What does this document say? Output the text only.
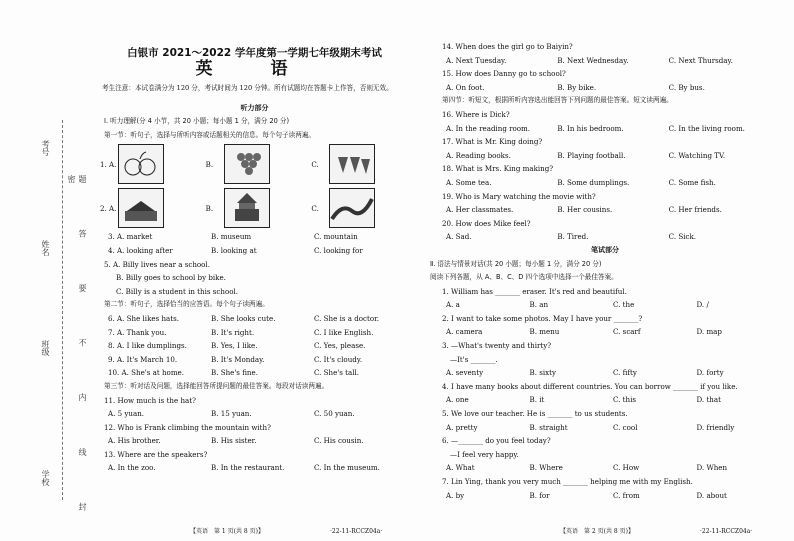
考号
姓名
班级
学校	题 答 要 不 内 线 封 密
白银市 2021～2022 学年度第一学期七年级期末考试
英 语
考生注意：本试卷满分为 120 分，考试时间为 120 分钟。所有试题均在答题卡上作答，否则无效。
听力部分
Ⅰ. 听力理解(分 4 小节，共 20 小题；每小题 1 分，满分 20 分)
第一节：听句子，选择与所听内容或话题相关的信息。每个句子读两遍。
1. A.	B.	C.
2. A.	B.	C.
3. A. market	B. museum	C. mountain
4. A. looking after	B. looking at	C. looking for
5. A. Billy lives near a school.
B. Billy goes to school by bike.
C. Billy is a student in this school.
第二节：听句子，选择恰当的应答语。每个句子读两遍。
6. A. She likes hats.	B. She looks cute.	C. She is a doctor.
7. A. Thank you.	B. It's right.	C. I like English.
8. A. I like dumplings.	B. Yes, I like.	C. Yes, please.
9. A. It's March 10.	B. It's Monday.	C. It's cloudy.
10. A. She's at home.	B. She's fine.	C. She's tall.
第三节：听对话及问题，选择能回答所提问题的最佳答案。每段对话读两遍。
11. How much is the hat?
A. 5 yuan.	B. 15 yuan.	C. 50 yuan.
12. Who is Frank climbing the mountain with?
A. His brother.	B. His sister.	C. His cousin.
13. Where are the speakers?
A. In the zoo.	B. In the restaurant.	C. In the museum.
【英语　第 1 页(共 8 页)】	·22-11-RCCZ04a·
14. When does the girl go to Baiyin?
A. Next Tuesday.	B. Next Wednesday.	C. Next Thursday.
15. How does Danny go to school?
A. On foot.	B. By bike.	C. By bus.
第四节：听短文，根据所听内容选出能回答下列问题的最佳答案。短文读两遍。
16. Where is Dick?
A. In the reading room.	B. In his bedroom.	C. In the living room.
17. What is Mr. King doing?
A. Reading books.	B. Playing football.	C. Watching TV.
18. What is Mrs. King making?
A. Some tea.	B. Some dumplings.	C. Some fish.
19. Who is Mary watching the movie with?
A. Her classmates.	B. Her cousins.	C. Her friends.
20. How does Mike feel?
A. Sad.	B. Tired.	C. Sick.
笔试部分
Ⅱ. 语法与情景对话(共 20 小题；每小题 1 分，满分 20 分)
阅读下列各题，从 A、B、C、D 四个选项中选择一个最佳答案。
1. William has _______ eraser. It's red and beautiful.
A. a	B. an	C. the	D. /
2. I want to take some photos. May I have your _______?
A. camera	B. menu	C. scarf	D. map
3. —What's twenty and thirty?
—It's _______.
A. seventy	B. sixty	C. fifty	D. forty
4. I have many books about different countries. You can borrow _______ if you like.
A. one	B. it	C. this	D. that
5. We love our teacher. He is _______ to us students.
A. pretty	B. straight	C. cool	D. friendly
6. —_______ do you feel today?
—I feel very happy.
A. What	B. Where	C. How	D. When
7. Lin Ying, thank you very much _______ helping me with my English.
A. by	B. for	C. from	D. about
【英语　第 2 页(共 8 页)】	·22-11-RCCZ04a·
